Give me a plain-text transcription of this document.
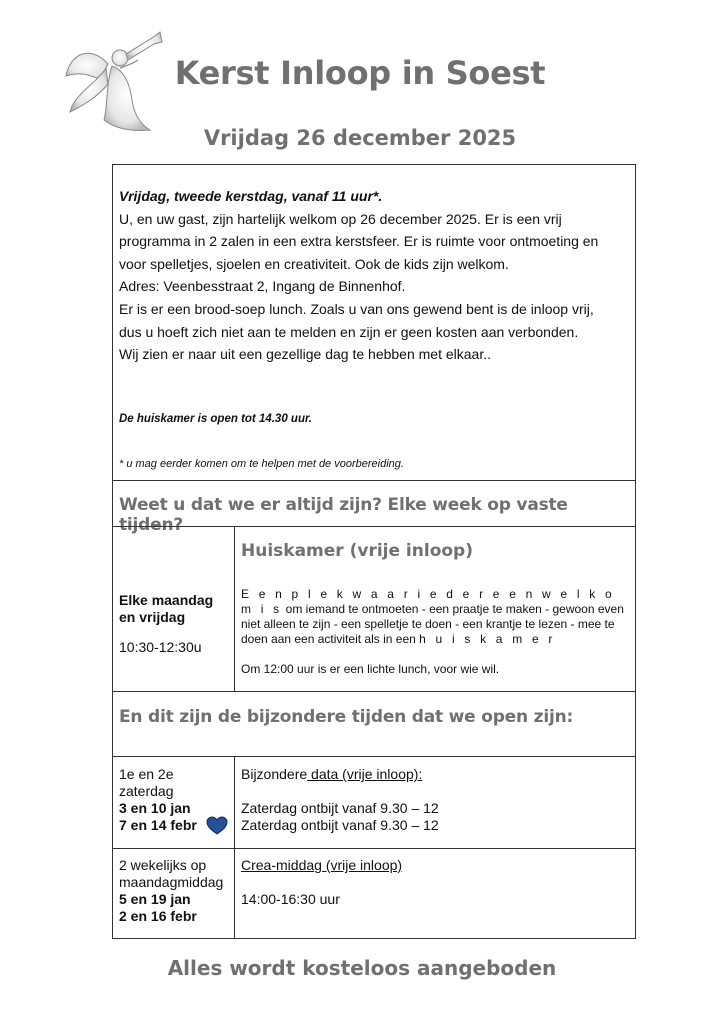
Kerst Inloop in Soest
Vrijdag 26 december 2025

Vrijdag, tweede kerstdag, vanaf 11 uur*.

U, en uw gast, zijn hartelijk welkom op 26 december 2025. Er is een vrij

programma in 2 zalen in een extra kerstsfeer. Er is ruimte voor ontmoeting en

voor spelletjes, sjoelen en creativiteit. Ook de kids zijn welkom.

Adres: Veenbesstraat 2, Ingang de Binnenhof.

Er is er een brood-soep lunch. Zoals u van ons gewend bent is de inloop vrij,

dus u hoeft zich niet aan te melden en zijn er geen kosten aan verbonden.

Wij zien er naar uit een gezellige dag te hebben met elkaar..

De huiskamer is open tot 14.30 uur.
* u mag eerder komen om te helpen met de voorbereiding.
Weet u dat we er altijd zijn? Elke week op vaste tijden?
Elke maandag
en vrijdag
10:30-12:30u
Huiskamer (vrije inloop)
E e n p l e k w a a r i e d e r e e n w e l k o m i s om iemand te ontmoeten - een praatje te maken - gewoon even niet alleen te zijn - een spelletje te doen - een krantje te lezen - mee te doen aan een activiteit als in een h u i s k a m e r
Om 12:00 uur is er een lichte lunch, voor wie wil.
En dit zijn de bijzondere tijden dat we open zijn:
1e en 2e
zaterdag
3 en 10 jan
7 en 14 febr
Bijzondere data (vrije inloop):
Zaterdag ontbijt vanaf 9.30 – 12
Zaterdag ontbijt vanaf 9.30 – 12
2 wekelijks op
maandagmiddag
5 en 19 jan
2 en 16 febr
Crea-middag (vrije inloop)
14:00-16:30 uur
Alles wordt kosteloos aangeboden
